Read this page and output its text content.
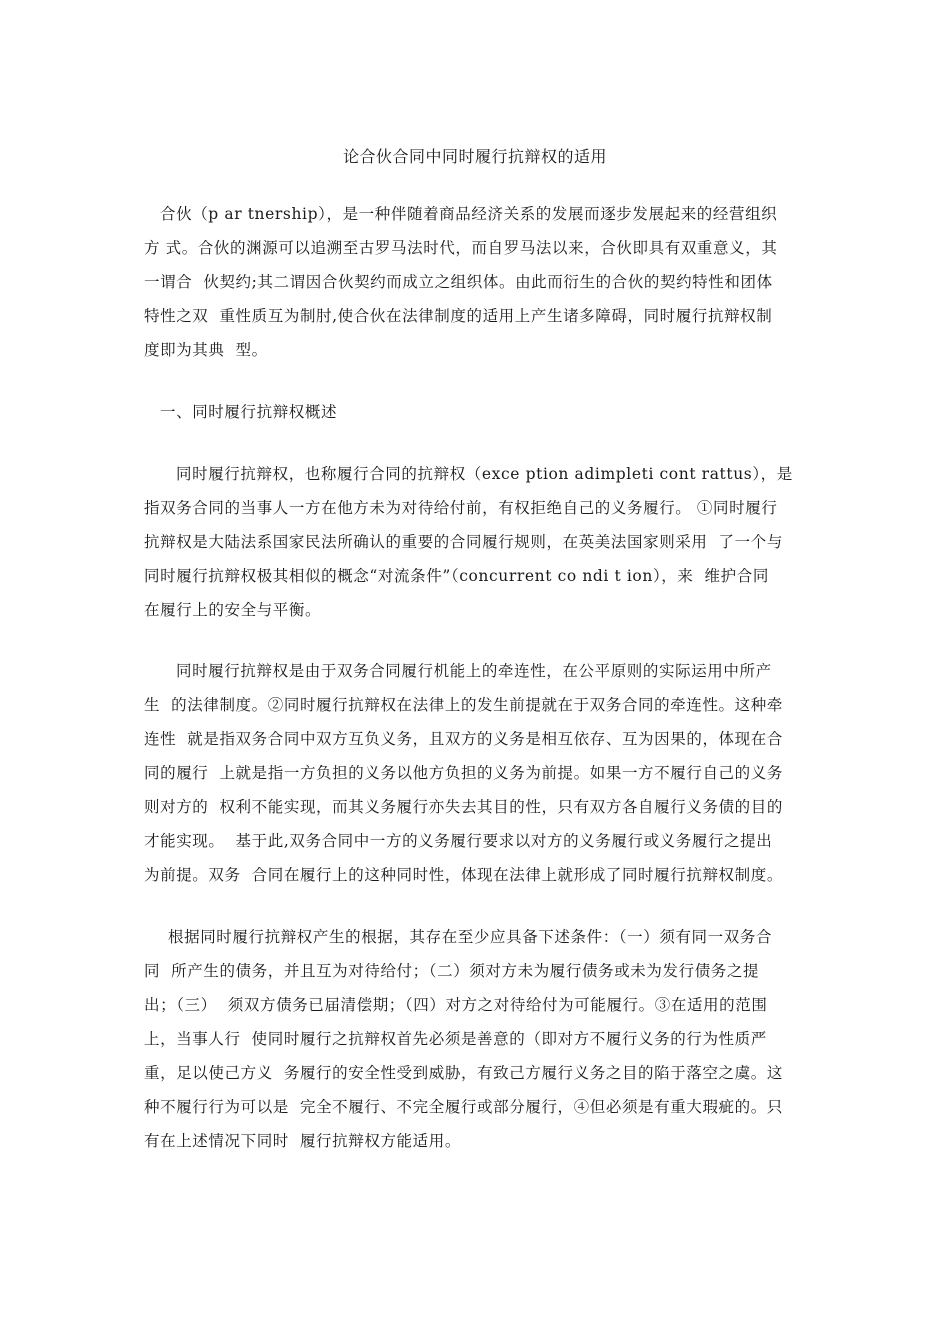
论合伙合同中同时履行抗辩权的适用
合伙（p ar tnership），是一种伴随着商品经济关系的发展而逐步发展起来的经营组织
方 式。合伙的渊源可以追溯至古罗马法时代，而自罗马法以来，合伙即具有双重意义，其
一谓合  伙契约;其二谓因合伙契约而成立之组织体。由此而衍生的合伙的契约特性和团体
特性之双  重性质互为制肘,使合伙在法律制度的适用上产生诸多障碍，同时履行抗辩权制
度即为其典  型。
一、同时履行抗辩权概述
同时履行抗辩权，也称履行合同的抗辩权（exce ption adimpleti cont rattus），是
指双务合同的当事人一方在他方未为对待给付前，有权拒绝自己的义务履行。 ①同时履行
抗辩权是大陆法系国家民法所确认的重要的合同履行规则，在英美法国家则采用  了一个与
同时履行抗辩权极其相似的概念“对流条件”（concurrent co ndi t ion），来  维护合同
在履行上的安全与平衡。
同时履行抗辩权是由于双务合同履行机能上的牵连性，在公平原则的实际运用中所产
生  的法律制度。②同时履行抗辩权在法律上的发生前提就在于双务合同的牵连性。这种牵
连性  就是指双务合同中双方互负义务，且双方的义务是相互依存、互为因果的，体现在合
同的履行  上就是指一方负担的义务以他方负担的义务为前提。如果一方不履行自己的义务
则对方的  权利不能实现，而其义务履行亦失去其目的性，只有双方各自履行义务债的目的
才能实现。  基于此,双务合同中一方的义务履行要求以对方的义务履行或义务履行之提出
为前提。双务  合同在履行上的这种同时性，体现在法律上就形成了同时履行抗辩权制度。
根据同时履行抗辩权产生的根据，其存在至少应具备下述条件：（一）须有同一双务合
同  所产生的债务，并且互为对待给付；（二）须对方未为履行债务或未为发行债务之提
出；（三）  须双方债务已届清偿期；（四）对方之对待给付为可能履行。③在适用的范围
上，当事人行  使同时履行之抗辩权首先必须是善意的（即对方不履行义务的行为性质严
重，足以使己方义  务履行的安全性受到威胁，有致己方履行义务之目的陷于落空之虞。这
种不履行行为可以是  完全不履行、不完全履行或部分履行，④但必须是有重大瑕疵的。只
有在上述情况下同时  履行抗辩权方能适用。
